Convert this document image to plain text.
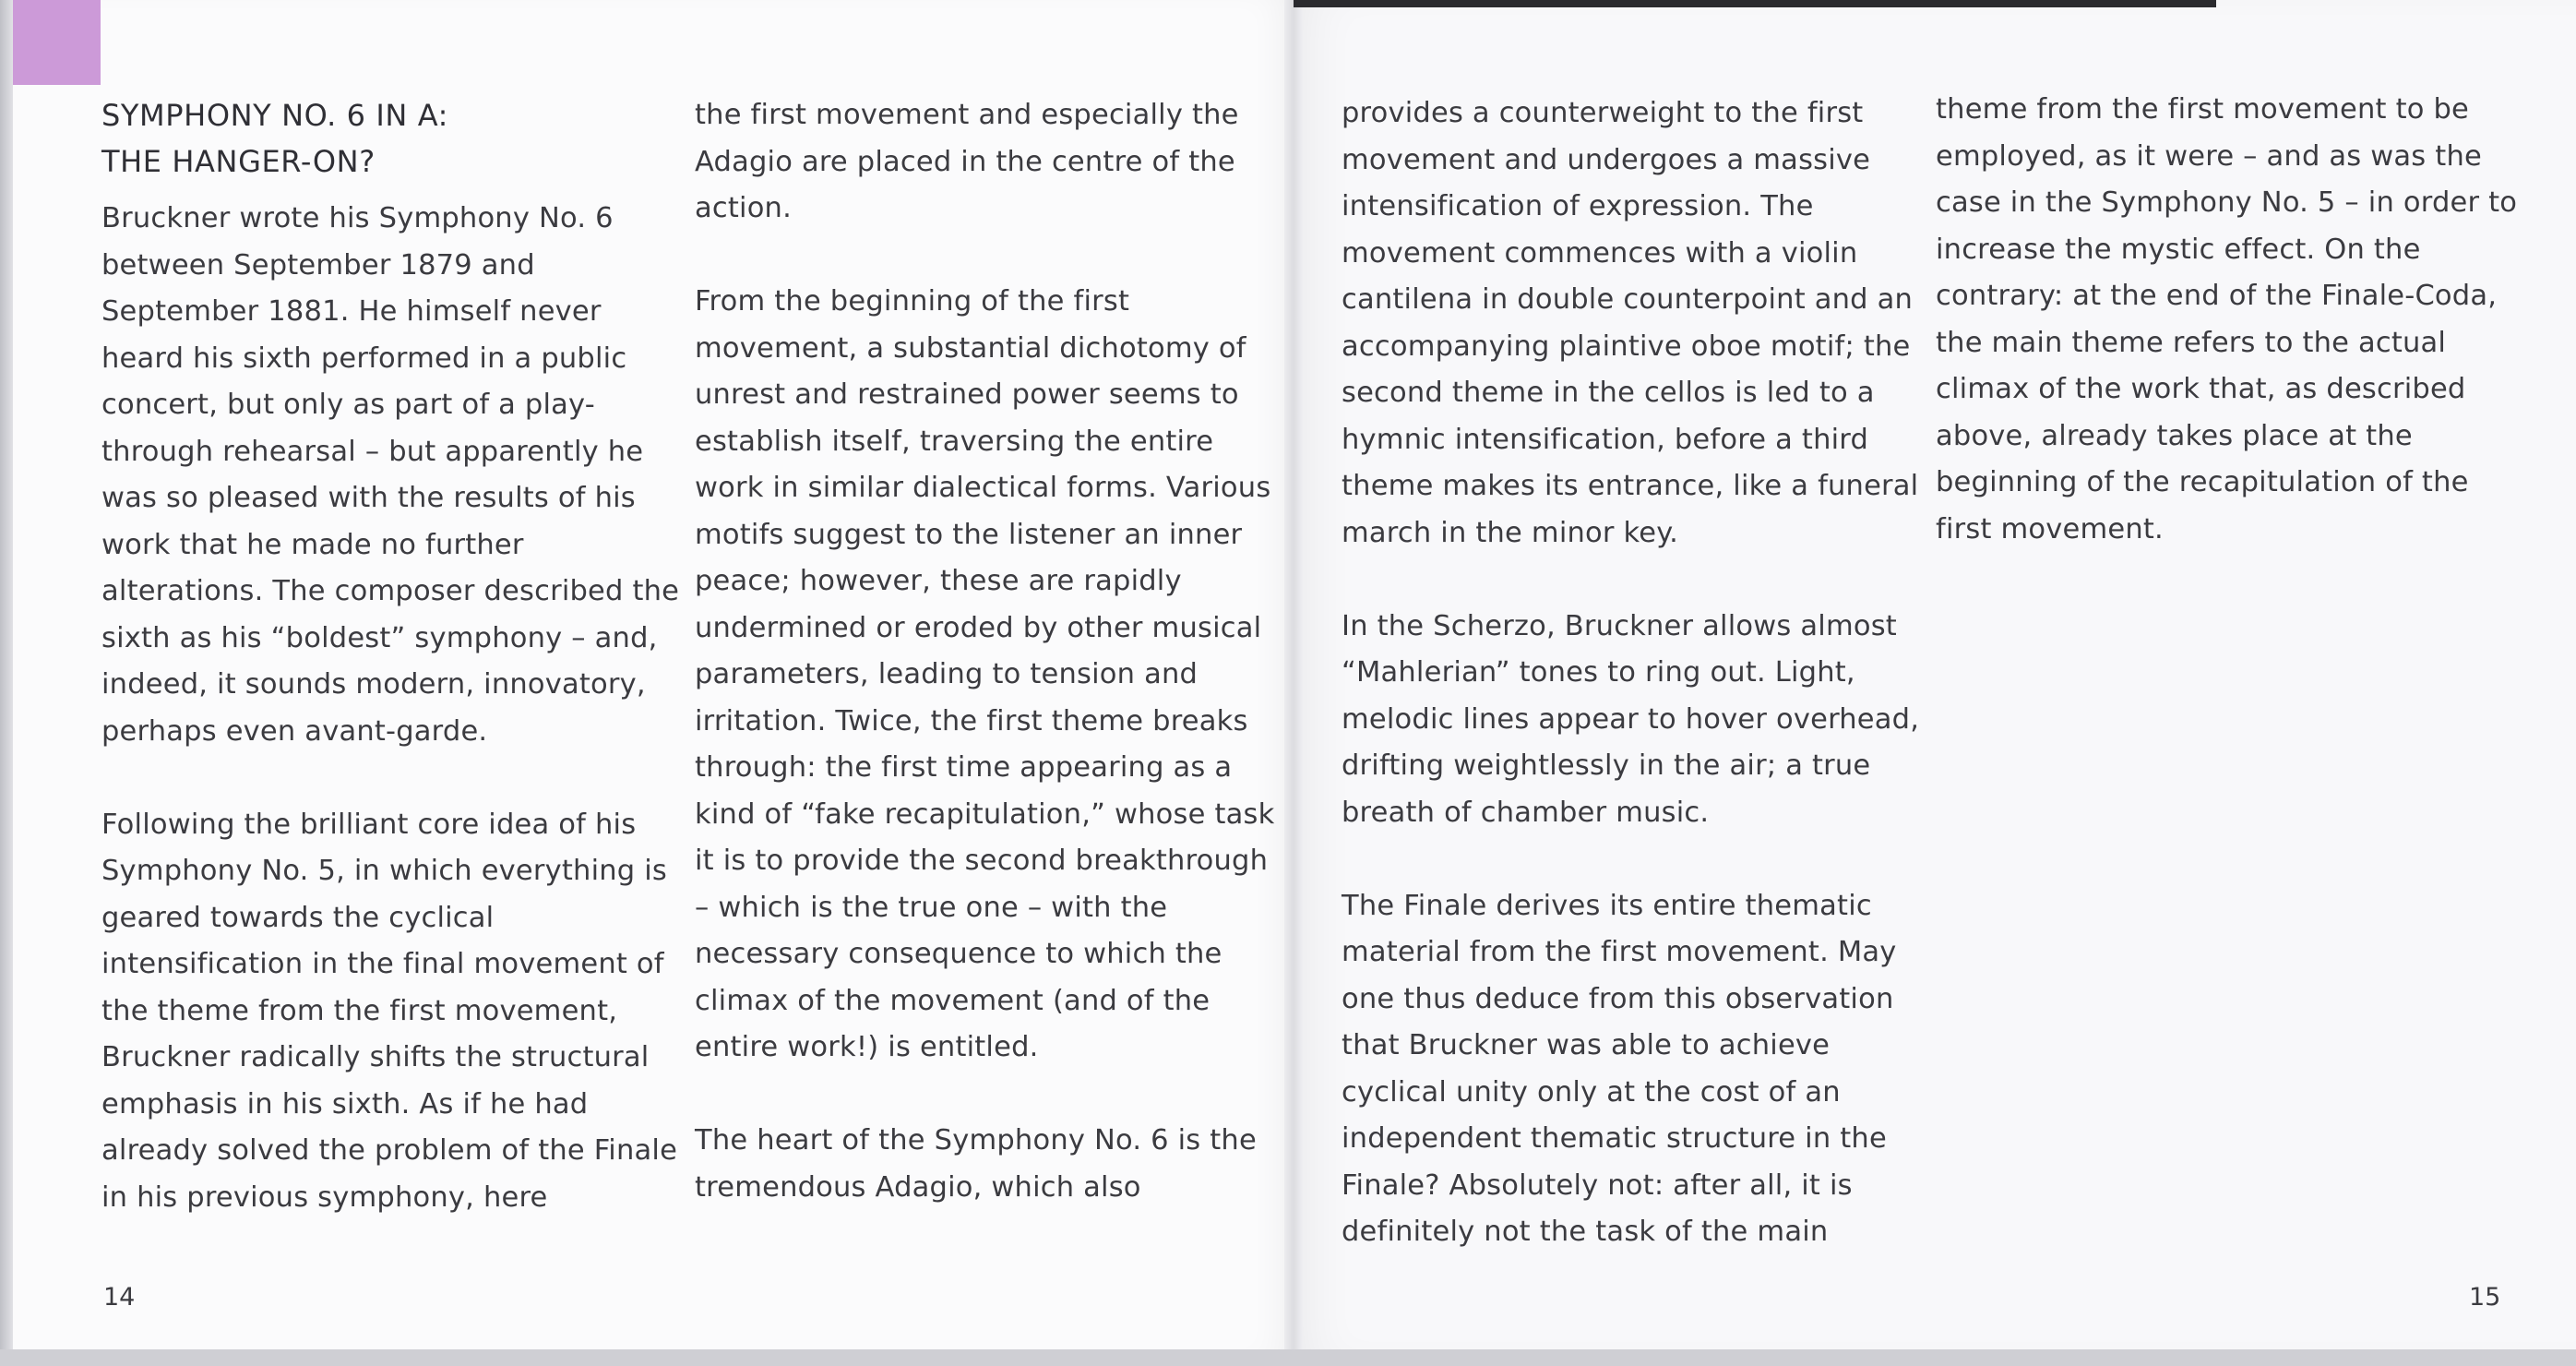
SYMPHONY NO. 6 IN A:
THE HANGER-ON?

Bruckner wrote his Symphony No. 6 between September 1879 and September 1881. He himself never heard his sixth performed in a public concert, but only as part of a play-through rehearsal – but apparently he was so pleased with the results of his work that he made no further alterations. The composer described the sixth as his “boldest” symphony – and, indeed, it sounds modern, innovatory, perhaps even avant-garde.

Following the brilliant core idea of his Symphony No. 5, in which everything is geared towards the cyclical intensification in the final movement of the theme from the first movement, Bruckner radically shifts the structural emphasis in his sixth. As if he had already solved the problem of the Finale in his previous symphony, here

the first movement and especially the Adagio are placed in the centre of the action.

From the beginning of the first movement, a substantial dichotomy of unrest and restrained power seems to establish itself, traversing the entire work in similar dialectical forms. Various motifs suggest to the listener an inner peace; however, these are rapidly undermined or eroded by other musical parameters, leading to tension and irritation. Twice, the first theme breaks through: the first time appearing as a kind of “fake recapitulation,” whose task it is to provide the second breakthrough – which is the true one – with the necessary consequence to which the climax of the movement (and of the entire work!) is entitled.

The heart of the Symphony No. 6 is the tremendous Adagio, which also

14

provides a counterweight to the first movement and undergoes a massive intensification of expression. The movement commences with a violin cantilena in double counterpoint and an accompanying plaintive oboe motif; the second theme in the cellos is led to a hymnic intensification, before a third theme makes its entrance, like a funeral march in the minor key.

In the Scherzo, Bruckner allows almost “Mahlerian” tones to ring out. Light, melodic lines appear to hover overhead, drifting weightlessly in the air; a true breath of chamber music.

The Finale derives its entire thematic material from the first movement. May one thus deduce from this observation that Bruckner was able to achieve cyclical unity only at the cost of an independent thematic structure in the Finale? Absolutely not: after all, it is definitely not the task of the main

theme from the first movement to be employed, as it were – and as was the case in the Symphony No. 5 – in order to increase the mystic effect. On the contrary: at the end of the Finale-Coda, the main theme refers to the actual climax of the work that, as described above, already takes place at the beginning of the recapitulation of the first movement.

15
